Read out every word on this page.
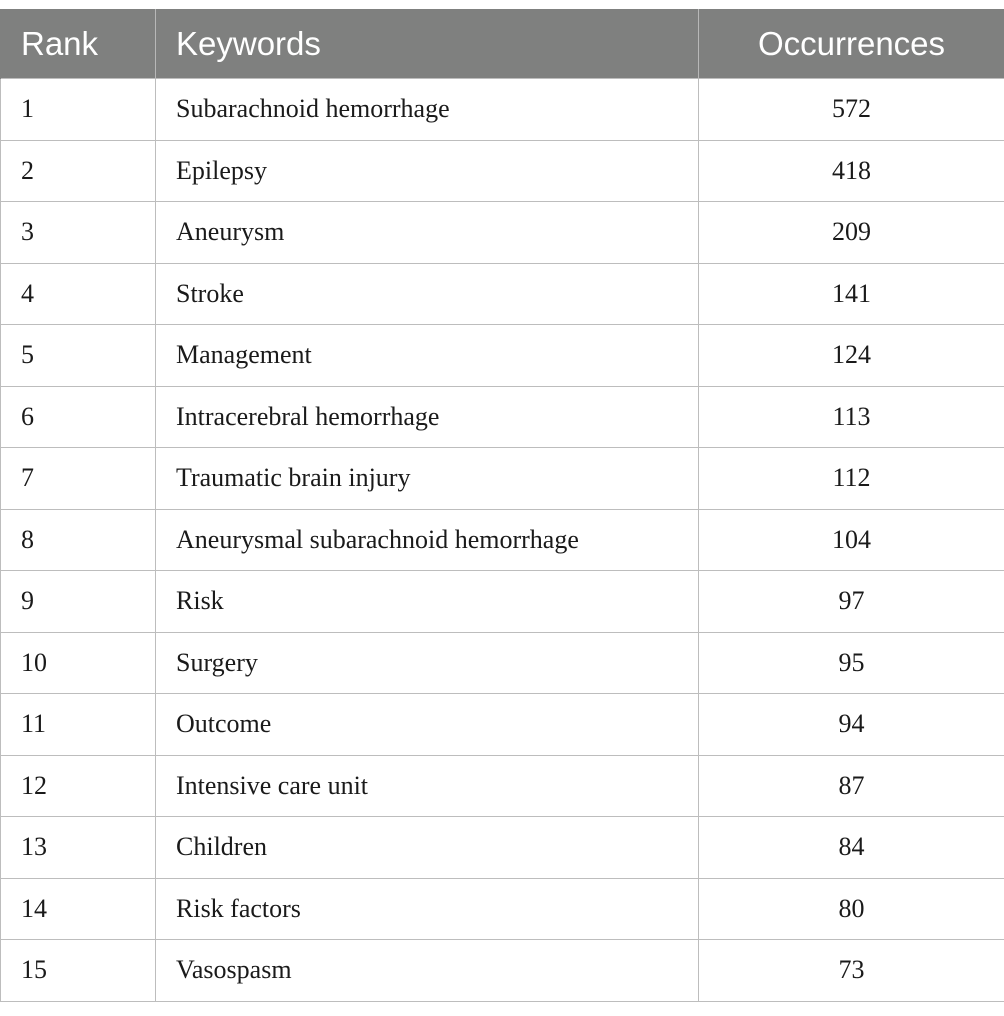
Rank	Keywords	Occurrences
1	Subarachnoid hemorrhage	572
2	Epilepsy	418
3	Aneurysm	209
4	Stroke	141
5	Management	124
6	Intracerebral hemorrhage	113
7	Traumatic brain injury	112
8	Aneurysmal subarachnoid hemorrhage	104
9	Risk	97
10	Surgery	95
11	Outcome	94
12	Intensive care unit	87
13	Children	84
14	Risk factors	80
15	Vasospasm	73
